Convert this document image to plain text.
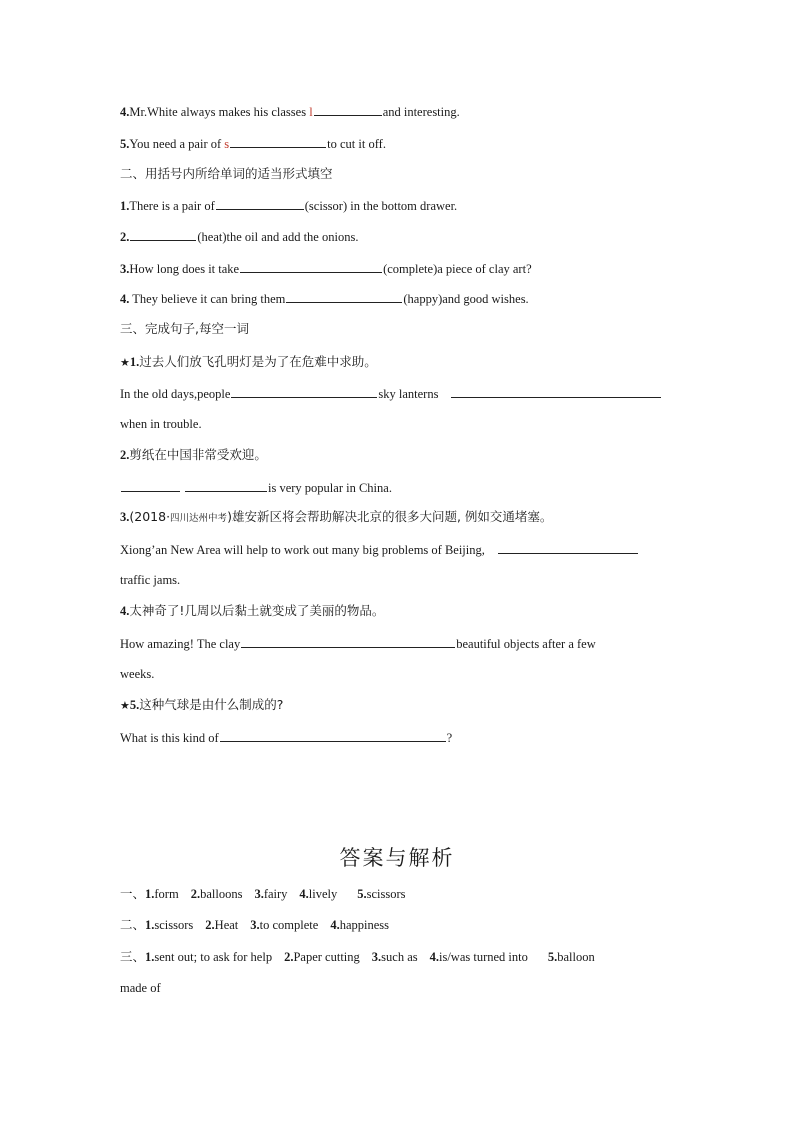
4.Mr.White always makes his classes l	and interesting.
5.You need a pair of s	to cut it off.
二、用括号内所给单词的适当形式填空
1.There is a pair of	(scissor) in the bottom drawer.
2.	(heat)the oil and add the onions.
3.How long does it take	(complete)a piece of clay art?
4. They believe it can bring them	(happy)and good wishes.
三、完成句子,每空一词
★1.过去人们放飞孔明灯是为了在危难中求助。
In the old days,people	sky lanterns
when in trouble.
2.剪纸在中国非常受欢迎。
is very popular in China.
3.(2018·四川达州中考)雄安新区将会帮助解决北京的很多大问题, 例如交通堵塞。
Xiong’an New Area will help to work out many big problems of Beijing,
traffic jams.
4.太神奇了!几周以后黏土就变成了美丽的物品。
How amazing! The clay	beautiful objects after a few
weeks.
★5.这种气球是由什么制成的?
What is this kind of	?
答案与解析
一、1.form 2.balloons 3.fairy 4.lively 5.scissors
二、1.scissors 2.Heat 3.to complete 4.happiness
三、1.sent out; to ask for help 2.Paper cutting 3.such as 4.is/was turned into 5.balloon
made of
